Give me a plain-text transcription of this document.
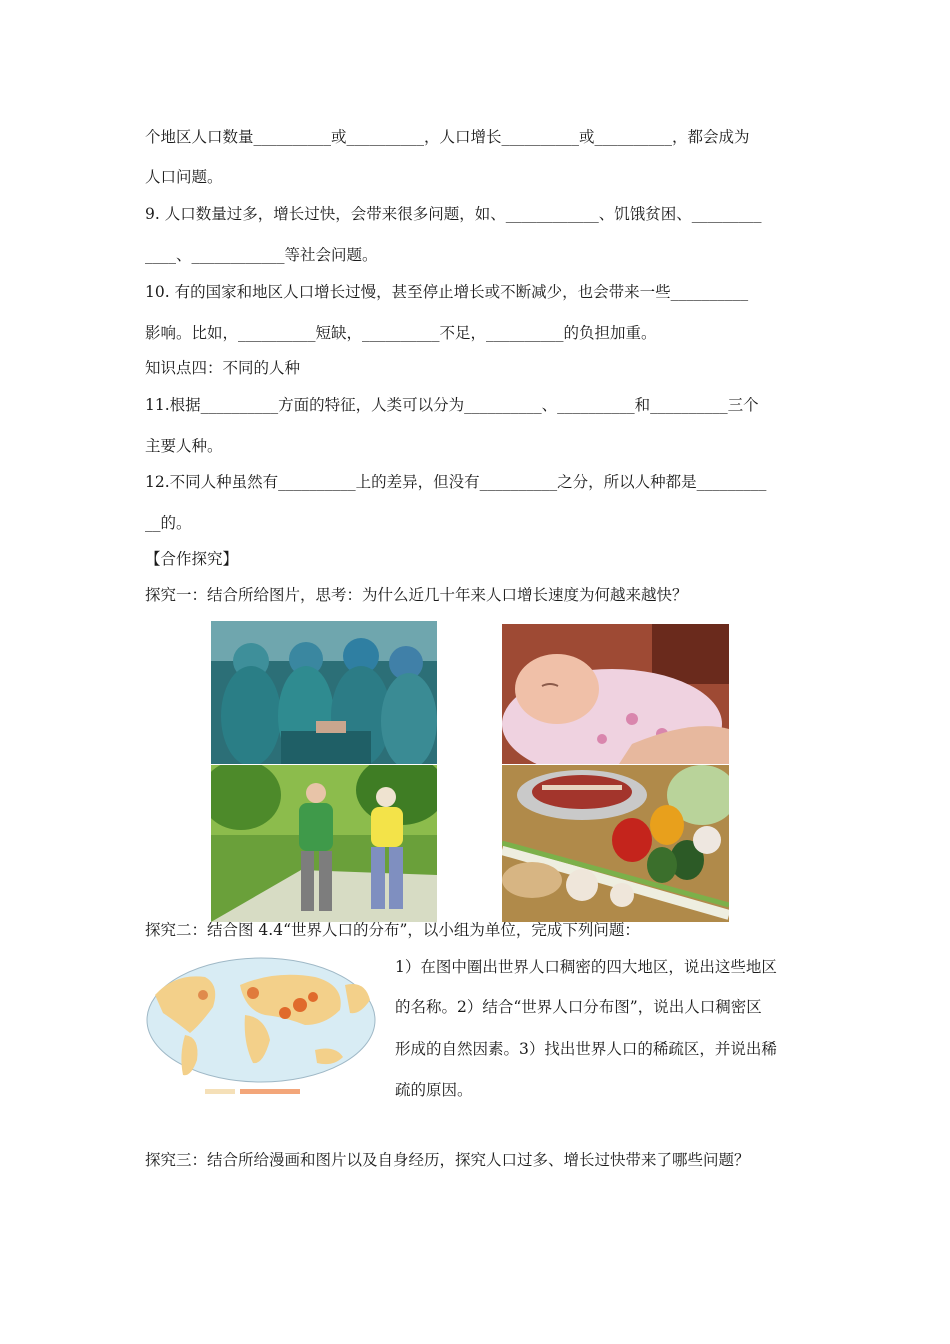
个地区人口数量__________或__________，人口增长__________或__________，都会成为
人口问题。
9. 人口数量过多，增长过快，会带来很多问题，如、____________、饥饿贫困、_________
____、____________等社会问题。
10. 有的国家和地区人口增长过慢，甚至停止增长或不断减少，也会带来一些__________
影响。比如，__________短缺，__________不足，__________的负担加重。
知识点四：不同的人种
11.根据__________方面的特征，人类可以分为__________、__________和__________三个
主要人种。
12.不同人种虽然有__________上的差异，但没有__________之分，所以人种都是_________
__的。
【合作探究】
探究一：结合所给图片，思考：为什么近几十年来人口增长速度为何越来越快？
探究二：结合图 4.4“世界人口的分布”，以小组为单位，完成下列问题：
1）在图中圈出世界人口稠密的四大地区，说出这些地区
的名称。2）结合“世界人口分布图”，说出人口稠密区
形成的自然因素。3）找出世界人口的稀疏区，并说出稀
疏的原因。
探究三：结合所给漫画和图片以及自身经历，探究人口过多、增长过快带来了哪些问题？
